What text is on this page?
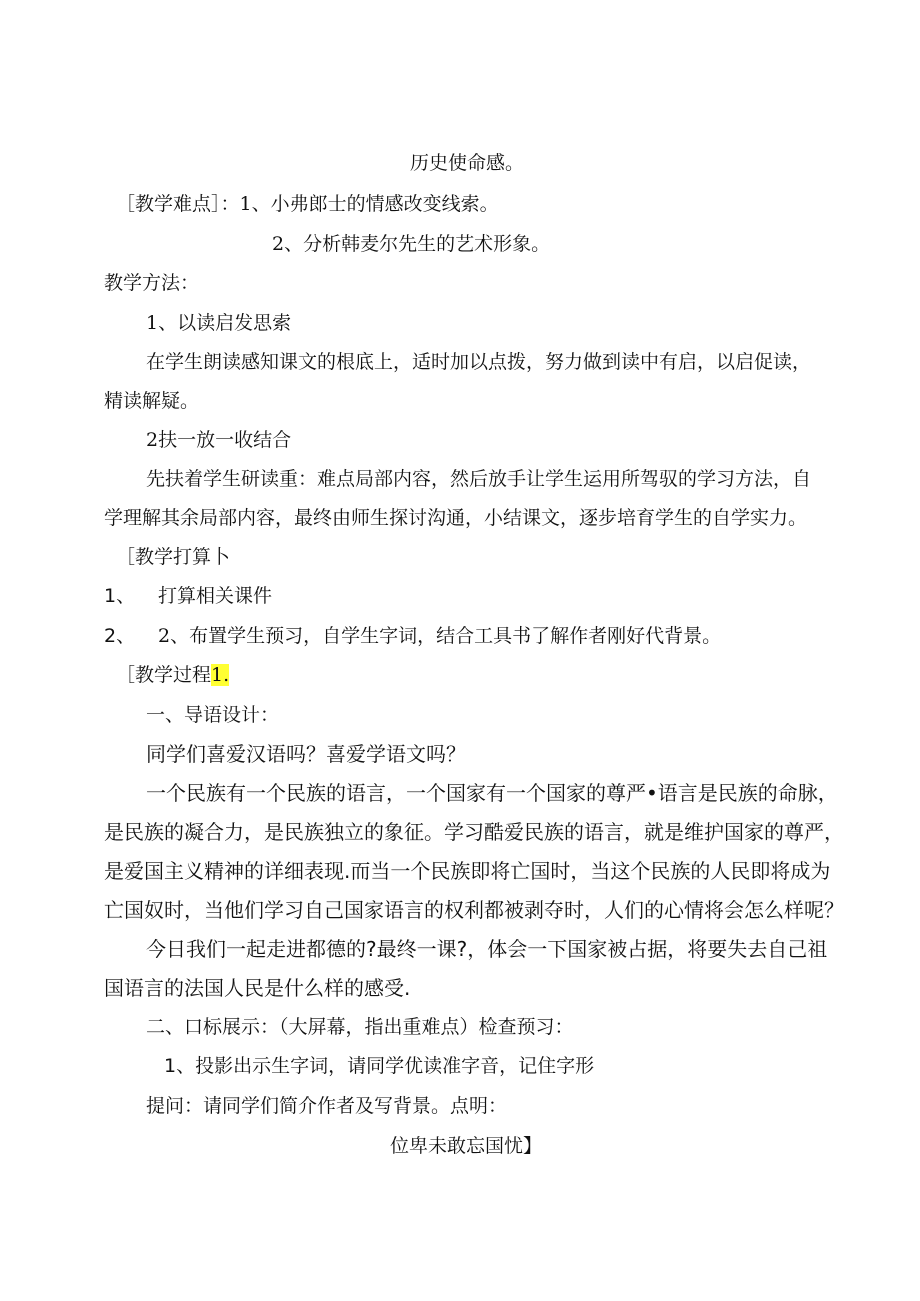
历史使命感。
［教学难点］：1、小弗郎士的情感改变线索。
2、分析韩麦尔先生的艺术形象。
教学方法：
1、以读启发思索
在学生朗读感知课文的根底上，适时加以点拨，努力做到读中有启，以启促读，
精读解疑。
2扶一放一收结合
先扶着学生研读重：难点局部内容，然后放手让学生运用所驾驭的学习方法，自
学理解其余局部内容，最终由师生探讨沟通，小结课文，逐步培育学生的自学实力。
［教学打算卜
1、 打算相关课件
2、 2、布置学生预习，自学生字词，结合工具书了解作者刚好代背景。
［教学过程1.
一、导语设计：
同学们喜爱汉语吗？喜爱学语文吗？
一个民族有一个民族的语言，一个国家有一个国家的尊严•语言是民族的命脉，
是民族的凝合力，是民族独立的象征。学习酷爱民族的语言，就是维护国家的尊严，
是爱国主义精神的详细表现.而当一个民族即将亡国时，当这个民族的人民即将成为
亡国奴时，当他们学习自己国家语言的权利都被剥夺时，人们的心情将会怎么样呢？
今日我们一起走进都德的?最终一课?，体会一下国家被占据，将要失去自己祖
国语言的法国人民是什么样的感受.
二、口标展示：（大屏幕，指出重难点）检查预习：
1、投影出示生字词，请同学优读准字音，记住字形
提问：请同学们简介作者及写背景。点明：
位卑未敢忘国忧】
